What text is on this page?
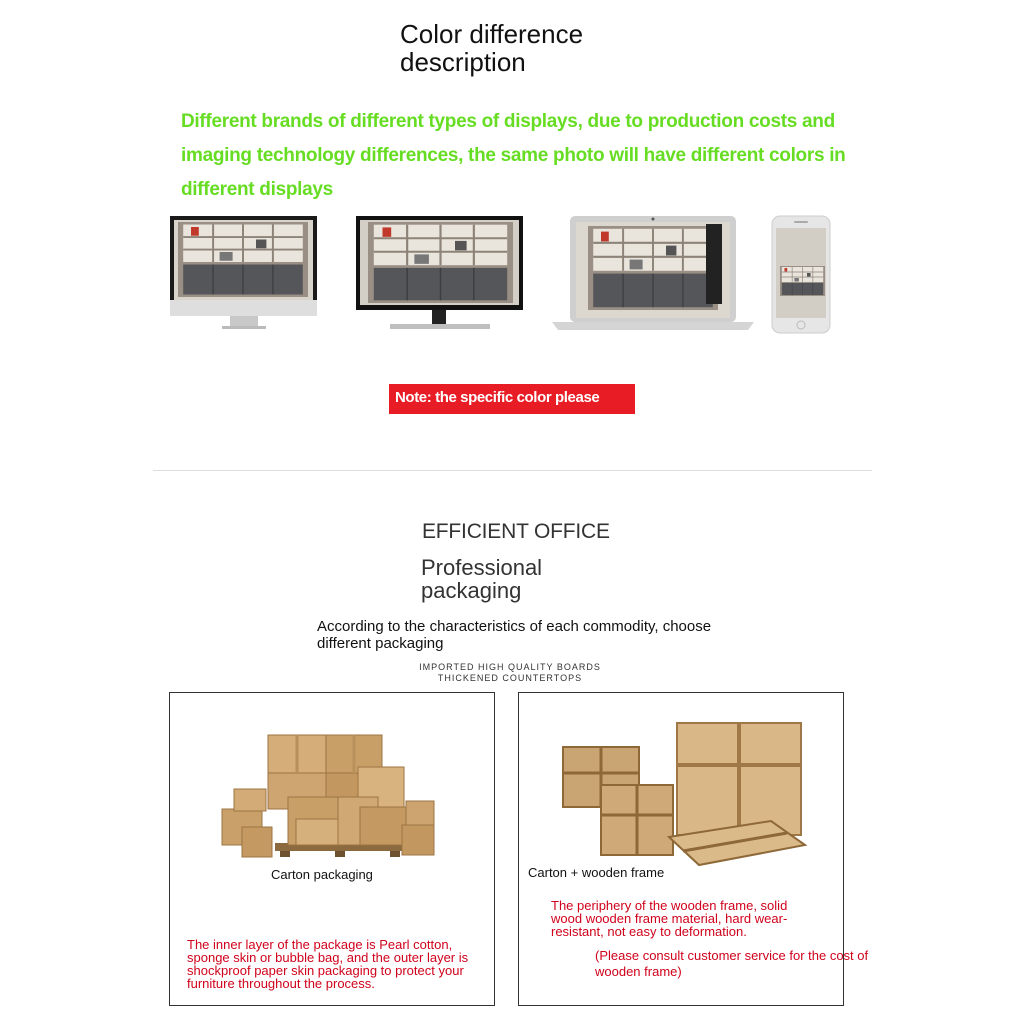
Color difference
description
Different brands of different types of displays, due to production costs and imaging technology differences, the same photo will have different colors in different displays
Note: the specific color please
EFFICIENT OFFICE
Professional
packaging
According to the characteristics of each commodity, choose different packaging
IMPORTED HIGH QUALITY BOARDS
THICKENED COUNTERTOPS
Carton packaging
The inner layer of the package is Pearl cotton, sponge skin or bubble bag, and the outer layer is shockproof paper skin packaging to protect your furniture throughout the process.
Carton + wooden frame
The periphery of the wooden frame, solid wood wooden frame material, hard wear-resistant, not easy to deformation.
(Please consult customer service for the cost of wooden frame)
